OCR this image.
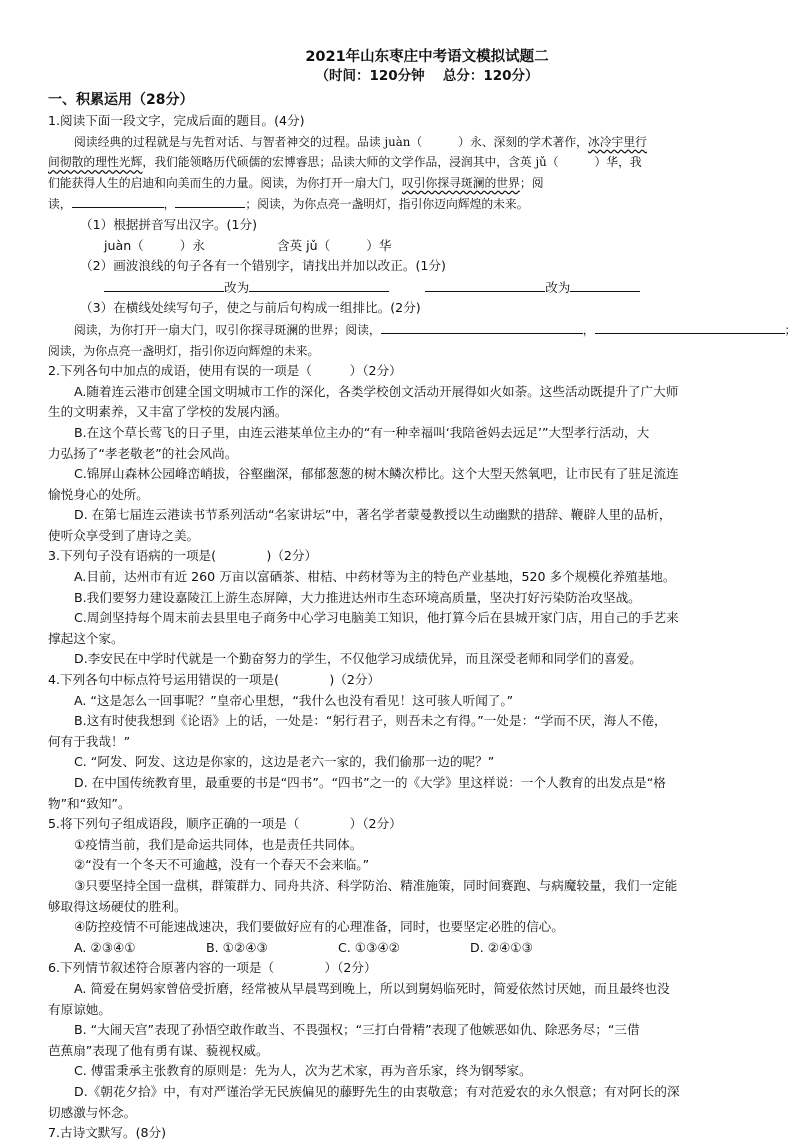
2021年山东枣庄中考语文模拟试题二
（时间：120分钟　 总分：120分）
一、积累运用（28分）
1.阅读下面一段文字，完成后面的题目。(4分)
阅读经典的过程就是与先哲对话、与智者神交的过程。品读 juàn（	）永、深刻的学术著作，冰冷宇里行
间彻散的理性光辉，我们能领略历代硕儒的宏博睿思；品读大师的文学作品，浸润其中，含英 jǔ（	）华，我
们能获得人生的启迪和向美而生的力量。阅读，为你打开一扇大门，叹引你探寻斑澜的世界；阅
读，	，	；阅读，为你点亮一盏明灯，指引你迈向辉煌的未来。
（1）根据拼音写出汉字。(1分)
juàn（	）永	含英 jǔ（	）华
（2）画波浪线的句子各有一个错别字，请找出并加以改正。(1分)
改为	改为
（3）在横线处续写句子，使之与前后句构成一组排比。(2分)
阅读，为你打开一扇大门，叹引你探寻斑澜的世界；阅读，	，	；
阅读，为你点亮一盏明灯，指引你迈向辉煌的未来。
2.下列各句中加点的成语，使用有误的一项是（　　　）（2分）
A.随着连云港市创建全国文明城市工作的深化，各类学校创文活动开展得如火如荼。这些活动既提升了广大师
生的文明素养，又丰富了学校的发展内涵。
B.在这个草长莺飞的日子里，由连云港某单位主办的“有一种幸福叫‘我陪爸妈去远足’”大型孝行活动，大
力弘扬了“孝老敬老”的社会风尚。
C.锦屏山森林公园峰峦峭拔，谷壑幽深，郁郁葱葱的树木鳞次栉比。这个大型天然氧吧，让市民有了驻足流连
愉悦身心的处所。
D. 在第七届连云港读书节系列活动“名家讲坛”中，著名学者蒙曼教授以生动幽默的措辞、鞭辟人里的品析，
使听众享受到了唐诗之美。
3.下列句子没有语病的一项是(　　　　)（2分）
A.目前，达州市有近 260 万亩以富硒茶、柑桔、中药材等为主的特色产业基地，520 多个规模化养殖基地。
B.我们要努力建设嘉陵江上游生态屏障，大力推进达州市生态环境高质量，坚决打好污染防治攻坚战。
C.周剑坚持每个周末前去县里电子商务中心学习电脑美工知识，他打算今后在县城开家门店，用自己的手艺来
撑起这个家。
D.李安民在中学时代就是一个勤奋努力的学生，不仅他学习成绩优异，而且深受老师和同学们的喜爱。
4.下列各句中标点符号运用错误的一项是(　　　　)（2分）
A. “这是怎么一回事呢？”皇帝心里想，“我什么也没有看见！这可骇人听闻了。”
B.这有时使我想到《论语》上的话，一处是：“躬行君子，则吾未之有得。”一处是：“学而不厌，海人不倦，
何有于我哉！”
C. “阿发、阿发、这边是你家的，这边是老六一家的，我们偷那一边的呢？”
D. 在中国传统教育里，最重要的书是“四书”。“四书”之一的《大学》里这样说：一个人教育的出发点是“格
物”和“致知”。
5.将下列句子组成语段，顺序正确的一项是（　　　　）（2分）
①疫情当前，我们是命运共同体，也是责任共同体。
②“没有一个冬天不可逾越，没有一个春天不会来临。”
③只要坚持全国一盘棋，群策群力、同舟共济、科学防治、精准施策，同时间赛跑、与病魔较量，我们一定能
够取得这场硬仗的胜利。
④防控疫情不可能速战速决，我们要做好应有的心理准备，同时，也要坚定必胜的信心。
A. ②③④①	B. ①②④③	C. ①③④②	D. ②④①③
6.下列情节叙述符合原著内容的一项是（　　　　）（2分）
A. 简爱在舅妈家曾倍受折磨，经常被从早晨骂到晚上，所以到舅妈临死时，简爱依然讨厌她，而且最终也没
有原谅她。
B. “大闹天宫”表现了孙悟空敢作敢当、不畏强权；“三打白骨精”表现了他嫉恶如仇、除恶务尽；“三借
芭蕉扇”表现了他有勇有谋、藐视权威。
C. 傅雷秉承主张教育的原则是：先为人，次为艺术家，再为音乐家，终为钢琴家。
D.《朝花夕拾》中，有对严谨治学无民族偏见的藤野先生的由衷敬意；有对范爱农的永久恨意；有对阿长的深
切感激与怀念。
7.古诗文默写。(8分)
